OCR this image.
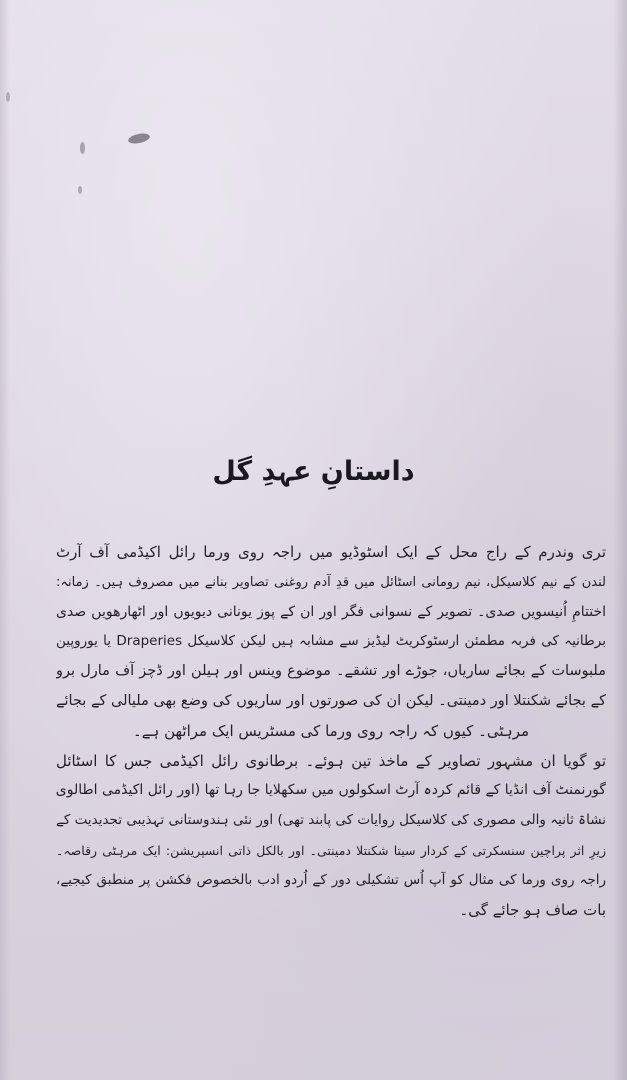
داستانِ عہدِ گل
تری وندرم کے راج محل کے ایک اسٹوڈیو میں راجہ روی ورما رائل اکیڈمی آف آرٹ
لندن کے نیم کلاسیکل، نیم رومانی اسٹائل میں قدِ آدم روغنی تصاویر بنانے میں مصروف ہیں۔ زمانہ:
اختتامِ اُنیسویں صدی۔ تصویر کے نسوانی فگر اور ان کے پوز یونانی دیویوں اور اٹھارھویں صدی
برطانیہ کی فربہ مطمئن ارسٹوکریٹ لیڈیز سے مشابہ ہیں لیکن کلاسیکل Draperies یا یوروپین
ملبوسات کے بجائے ساریاں، جوڑے اور تشقے۔ موضوع وینس اور ہیلن اور ڈچز آف مارل برو
کے بجائے شکنتلا اور دمینتی۔ لیکن ان کی صورتوں اور ساریوں کی وضع بھی ملیالی کے بجائے
مرہٹی۔ کیوں کہ راجہ روی ورما کی مسٹریس ایک مراٹھن ہے۔
تو گویا ان مشہور تصاویر کے ماخذ تین ہوئے۔ برطانوی رائل اکیڈمی جس کا اسٹائل
گورنمنٹ آف انڈیا کے قائم کردہ آرٹ اسکولوں میں سکھلایا جا رہا تھا (اور رائل اکیڈمی اطالوی
نشاۃ ثانیہ والی مصوری کی کلاسیکل روایات کی پابند تھی) اور نئی ہندوستانی تہذیبی تجدیدیت کے
زیرِ اثر پراچین سنسکرتی کے کردار سیتا شکنتلا دمینتی۔ اور بالکل ذاتی انسپریشن: ایک مرہٹی رقاصہ۔
راجہ روی ورما کی مثال کو آپ اُس تشکیلی دور کے اُردو ادب بالخصوص فکشن پر منطبق کیجیے،
بات صاف ہو جائے گی۔
